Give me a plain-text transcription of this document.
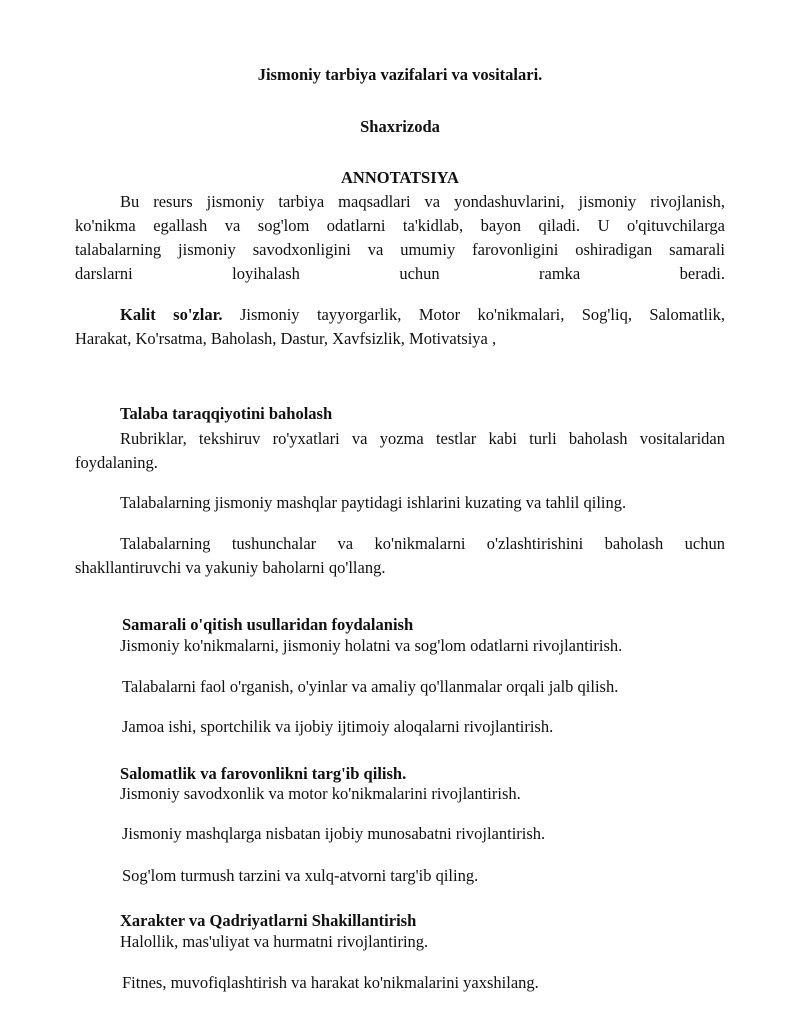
Jismoniy tarbiya vazifalari va vositalari.
Shaxrizoda
ANNOTATSIYA
Bu resurs jismoniy tarbiya maqsadlari va yondashuvlarini, jismoniy rivojlanish,
ko'nikma egallash va sog'lom odatlarni ta'kidlab, bayon qiladi. U o'qituvchilarga
talabalarning jismoniy savodxonligini va umumiy farovonligini oshiradigan samarali
darslarni loyihalash uchun ramka beradi.
Kalit so'zlar. Jismoniy tayyorgarlik, Motor ko'nikmalari, Sog'liq, Salomatlik,
Harakat, Ko'rsatma, Baholash, Dastur, Xavfsizlik, Motivatsiya ,
Talaba taraqqiyotini baholash
Rubriklar, tekshiruv ro'yxatlari va yozma testlar kabi turli baholash vositalaridan
foydalaning.
Talabalarning jismoniy mashqlar paytidagi ishlarini kuzating va tahlil qiling.
Talabalarning tushunchalar va ko'nikmalarni o'zlashtirishini baholash uchun
shakllantiruvchi va yakuniy baholarni qo'llang.
Samarali o'qitish usullaridan foydalanish
Jismoniy ko'nikmalarni, jismoniy holatni va sog'lom odatlarni rivojlantirish.
Talabalarni faol o'rganish, o'yinlar va amaliy qo'llanmalar orqali jalb qilish.
Jamoa ishi, sportchilik va ijobiy ijtimoiy aloqalarni rivojlantirish.
Salomatlik va farovonlikni targ'ib qilish.
Jismoniy savodxonlik va motor ko'nikmalarini rivojlantirish.
Jismoniy mashqlarga nisbatan ijobiy munosabatni rivojlantirish.
Sog'lom turmush tarzini va xulq-atvorni targ'ib qiling.
Xarakter va Qadriyatlarni Shakillantirish
Halollik, mas'uliyat va hurmatni rivojlantiring.
Fitnes, muvofiqlashtirish va harakat ko'nikmalarini yaxshilang.
